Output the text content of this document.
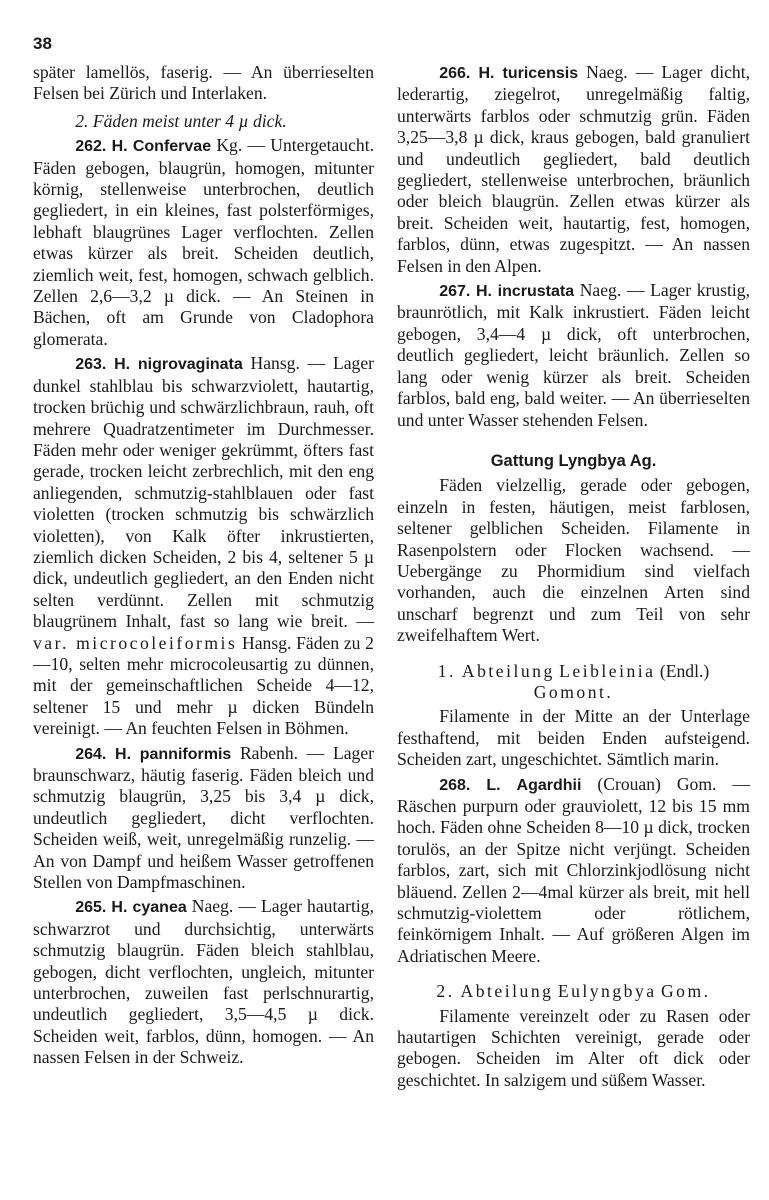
38

später lamellös, faserig. — An überrieselten Felsen bei Zürich und Interlaken.

2. Fäden meist unter 4 µ dick.

262. H. Confervae Kg. — Untergetaucht. Fäden gebogen, blaugrün, homogen, mitunter körnig, stellenweise unterbrochen, deutlich gegliedert, in ein kleines, fast polsterförmiges, lebhaft blaugrünes Lager verflochten. Zellen etwas kürzer als breit. Scheiden deutlich, ziemlich weit, fest, homogen, schwach gelblich. Zellen 2,6—3,2 µ dick. — An Steinen in Bächen, oft am Grunde von Cladophora glomerata.

263. H. nigrovaginata Hansg. — Lager dunkel stahlblau bis schwarzviolett, hautartig, trocken brüchig und schwärzlichbraun, rauh, oft mehrere Quadratzentimeter im Durchmesser. Fäden mehr oder weniger gekrümmt, öfters fast gerade, trocken leicht zerbrechlich, mit den eng anliegenden, schmutzig-stahlblauen oder fast violetten (trocken schmutzig bis schwärzlich violetten), von Kalk öfter inkrustierten, ziemlich dicken Scheiden, 2 bis 4, seltener 5 µ dick, undeutlich gegliedert, an den Enden nicht selten verdünnt. Zellen mit schmutzig blaugrünem Inhalt, fast so lang wie breit. — var. microcoleiformis Hansg. Fäden zu 2—10, selten mehr microcoleusartig zu dünnen, mit der gemeinschaftlichen Scheide 4—12, seltener 15 und mehr µ dicken Bündeln vereinigt. — An feuchten Felsen in Böhmen.

264. H. panniformis Rabenh. — Lager braunschwarz, häutig faserig. Fäden bleich und schmutzig blaugrün, 3,25 bis 3,4 µ dick, undeutlich gegliedert, dicht verflochten. Scheiden weiß, weit, unregelmäßig runzelig. — An von Dampf und heißem Wasser getroffenen Stellen von Dampfmaschinen.

265. H. cyanea Naeg. — Lager hautartig, schwarzrot und durchsichtig, unterwärts schmutzig blaugrün. Fäden bleich stahlblau, gebogen, dicht verflochten, ungleich, mitunter unterbrochen, zuweilen fast perlschnurartig, undeutlich gegliedert, 3,5—4,5 µ dick. Scheiden weit, farblos, dünn, homogen. — An nassen Felsen in der Schweiz.

266. H. turicensis Naeg. — Lager dicht, lederartig, ziegelrot, unregelmäßig faltig, unterwärts farblos oder schmutzig grün. Fäden 3,25—3,8 µ dick, kraus gebogen, bald granuliert und undeutlich gegliedert, bald deutlich gegliedert, stellenweise unterbrochen, bräunlich oder bleich blaugrün. Zellen etwas kürzer als breit. Scheiden weit, hautartig, fest, homogen, farblos, dünn, etwas zugespitzt. — An nassen Felsen in den Alpen.

267. H. incrustata Naeg. — Lager krustig, braunrötlich, mit Kalk inkrustiert. Fäden leicht gebogen, 3,4—4 µ dick, oft unterbrochen, deutlich gegliedert, leicht bräunlich. Zellen so lang oder wenig kürzer als breit. Scheiden farblos, bald eng, bald weiter. — An überrieselten und unter Wasser stehenden Felsen.

Gattung Lyngbya Ag.

Fäden vielzellig, gerade oder gebogen, einzeln in festen, häutigen, meist farblosen, seltener gelblichen Scheiden. Filamente in Rasenpolstern oder Flocken wachsend. — Uebergänge zu Phormidium sind vielfach vorhanden, auch die einzelnen Arten sind unscharf begrenzt und zum Teil von sehr zweifelhaftem Wert.

1. Abteilung Leibleinia (Endl.)
Gomont.

Filamente in der Mitte an der Unterlage festhaftend, mit beiden Enden aufsteigend. Scheiden zart, ungeschichtet. Sämtlich marin.

268. L. Agardhii (Crouan) Gom. — Räschen purpurn oder grauviolett, 12 bis 15 mm hoch. Fäden ohne Scheiden 8—10 µ dick, trocken torulös, an der Spitze nicht verjüngt. Scheiden farblos, zart, sich mit Chlorzinkjodlösung nicht bläuend. Zellen 2—4mal kürzer als breit, mit hell schmutzig-violettem oder rötlichem, feinkörnigem Inhalt. — Auf größeren Algen im Adriatischen Meere.

2. Abteilung Eulyngbya Gom.

Filamente vereinzelt oder zu Rasen oder hautartigen Schichten vereinigt, gerade oder gebogen. Scheiden im Alter oft dick oder geschichtet. In salzigem und süßem Wasser.
